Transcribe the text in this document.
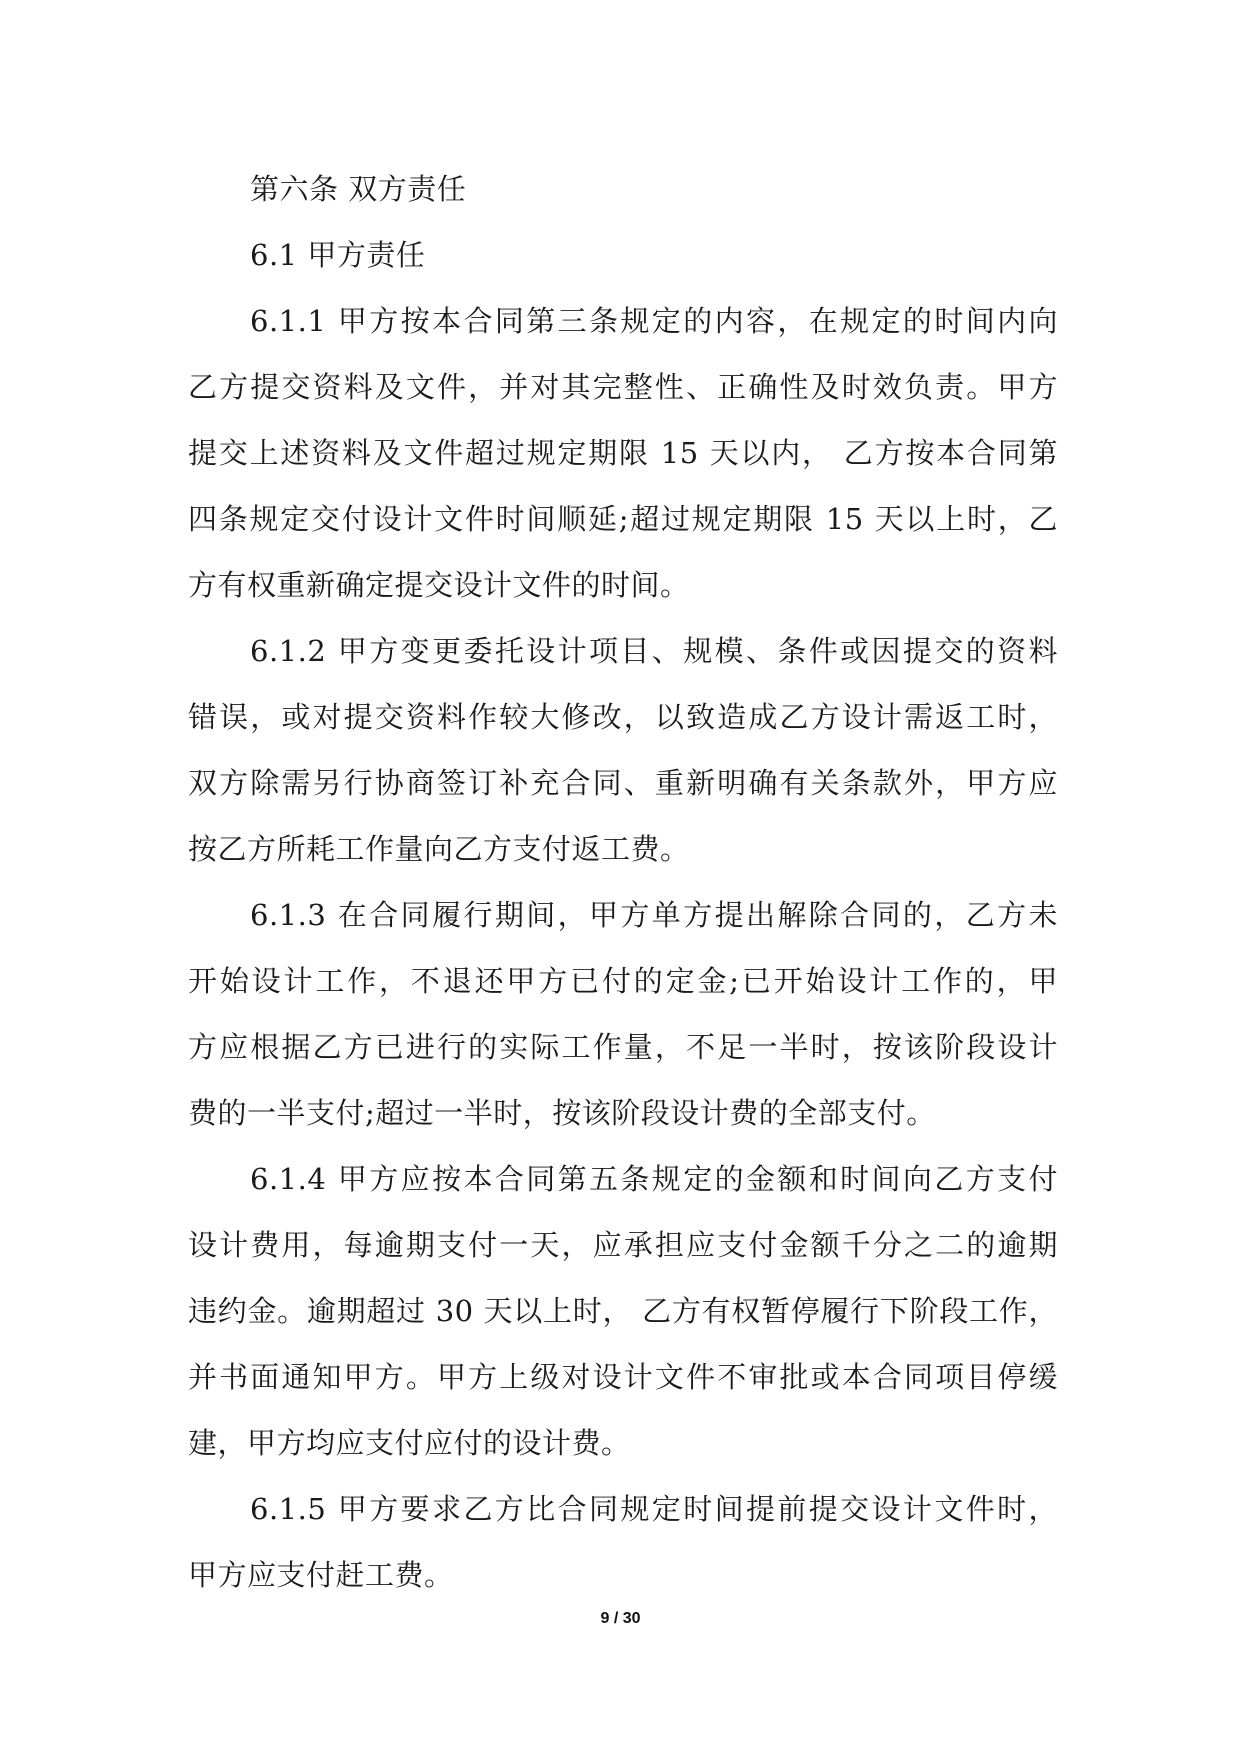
第六条 双方责任
6.1 甲方责任
6.1.1 甲方按本合同第三条规定的内容，在规定的时间内向
乙方提交资料及文件，并对其完整性、正确性及时效负责。甲方
提交上述资料及文件超过规定期限 15 天以内， 乙方按本合同第
四条规定交付设计文件时间顺延;超过规定期限 15 天以上时，乙
方有权重新确定提交设计文件的时间。
6.1.2 甲方变更委托设计项目、规模、条件或因提交的资料
错误，或对提交资料作较大修改，以致造成乙方设计需返工时，
双方除需另行协商签订补充合同、重新明确有关条款外，甲方应
按乙方所耗工作量向乙方支付返工费。
6.1.3 在合同履行期间，甲方单方提出解除合同的，乙方未
开始设计工作，不退还甲方已付的定金;已开始设计工作的，甲
方应根据乙方已进行的实际工作量，不足一半时，按该阶段设计
费的一半支付;超过一半时，按该阶段设计费的全部支付。
6.1.4 甲方应按本合同第五条规定的金额和时间向乙方支付
设计费用，每逾期支付一天，应承担应支付金额千分之二的逾期
违约金。逾期超过 30 天以上时， 乙方有权暂停履行下阶段工作，
并书面通知甲方。甲方上级对设计文件不审批或本合同项目停缓
建，甲方均应支付应付的设计费。
6.1.5 甲方要求乙方比合同规定时间提前提交设计文件时，
甲方应支付赶工费。
9 / 30
